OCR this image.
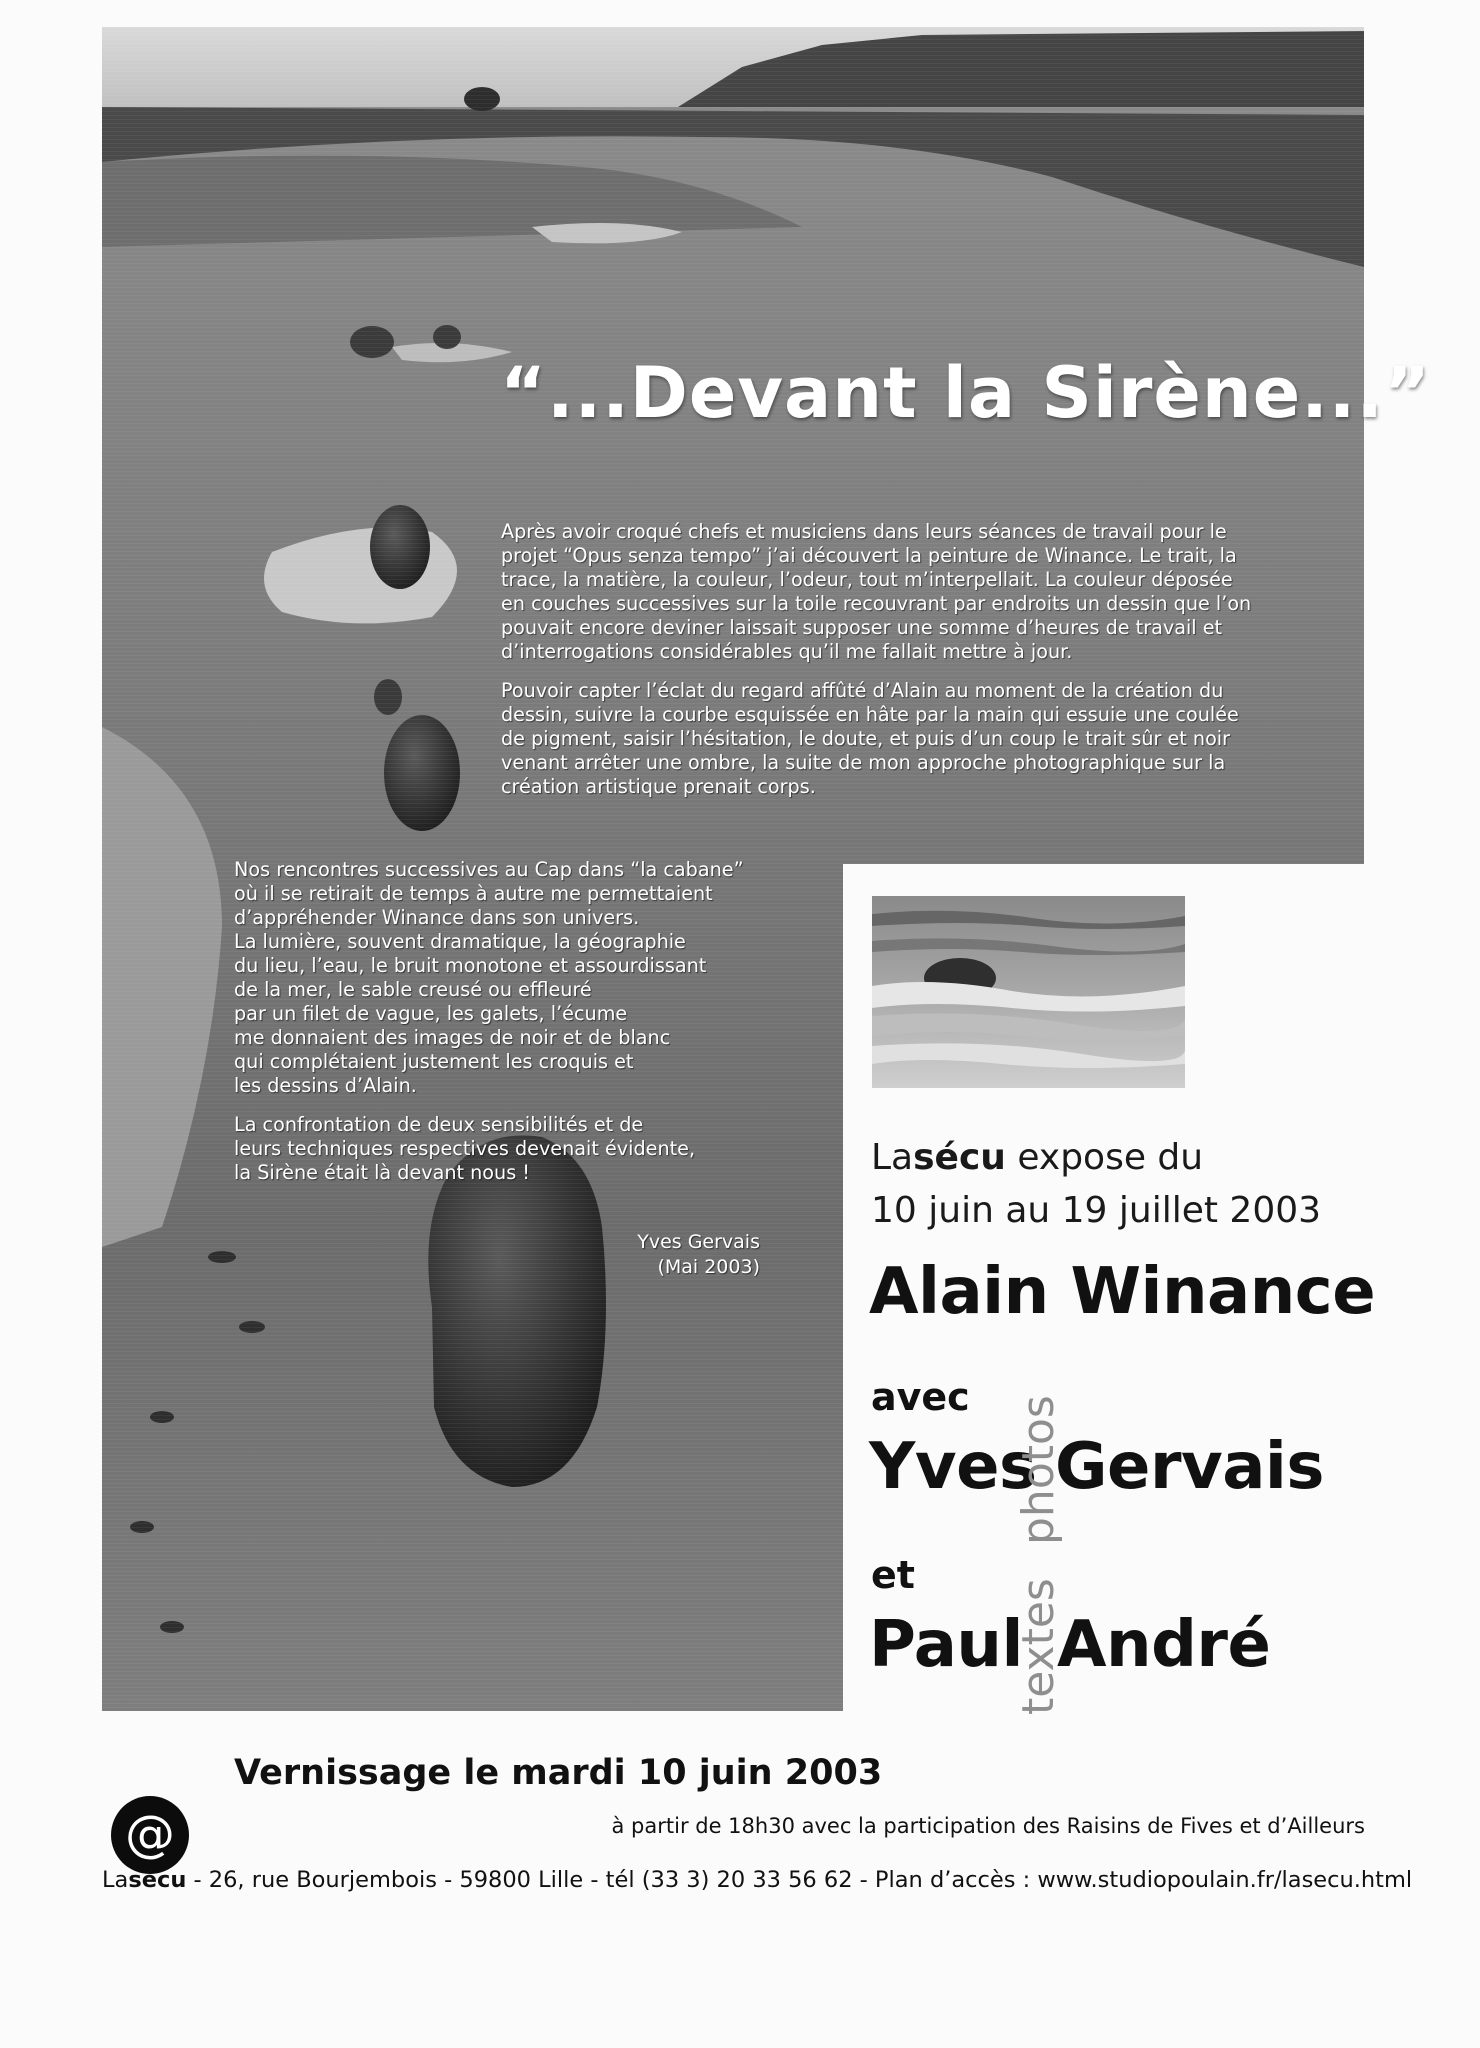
“...Devant la Sirène...”

Après avoir croqué chefs et musiciens dans leurs séances de travail pour le projet “Opus senza tempo” j’ai découvert la peinture de Winance. Le trait, la trace, la matière, la couleur, l’odeur, tout m’interpellait. La couleur déposée en couches successives sur la toile recouvrant par endroits un dessin que l’on pouvait encore deviner laissait supposer une somme d’heures de travail et d’interrogations considérables qu’il me fallait mettre à jour.

Pouvoir capter l’éclat du regard affûté d’Alain au moment de la création du dessin, suivre la courbe esquissée en hâte par la main qui essuie une coulée de pigment, saisir l’hésitation, le doute, et puis d’un coup le trait sûr et noir venant arrêter une ombre, la suite de mon approche photographique sur la création artistique prenait corps.

Nos rencontres successives au Cap dans “la cabane”
où il se retirait de temps à autre me permettaient
d’appréhender Winance dans son univers.
La lumière, souvent dramatique, la géographie
du lieu, l’eau, le bruit monotone et assourdissant
de la mer, le sable creusé ou effleuré
par un filet de vague, les galets, l’écume
me donnaient des images de noir et de blanc
qui complétaient justement les croquis et
les dessins d’Alain.

La confrontation de deux sensibilités et de
leurs techniques respectives devenait évidente,
la Sirène était là devant nous !

Yves Gervais
(Mai 2003)
Lasécu expose du
10 juin au 19 juillet 2003
Alain Winance
avec
Yves Gervais
photos
et
Paul André
textes
Vernissage le mardi 10 juin 2003
à partir de 18h30 avec la participation des Raisins de Fives et d’Ailleurs
@
Lasécu - 26, rue Bourjembois - 59800 Lille - tél (33 3) 20 33 56 62 - Plan d’accès : www.studiopoulain.fr/lasecu.html
